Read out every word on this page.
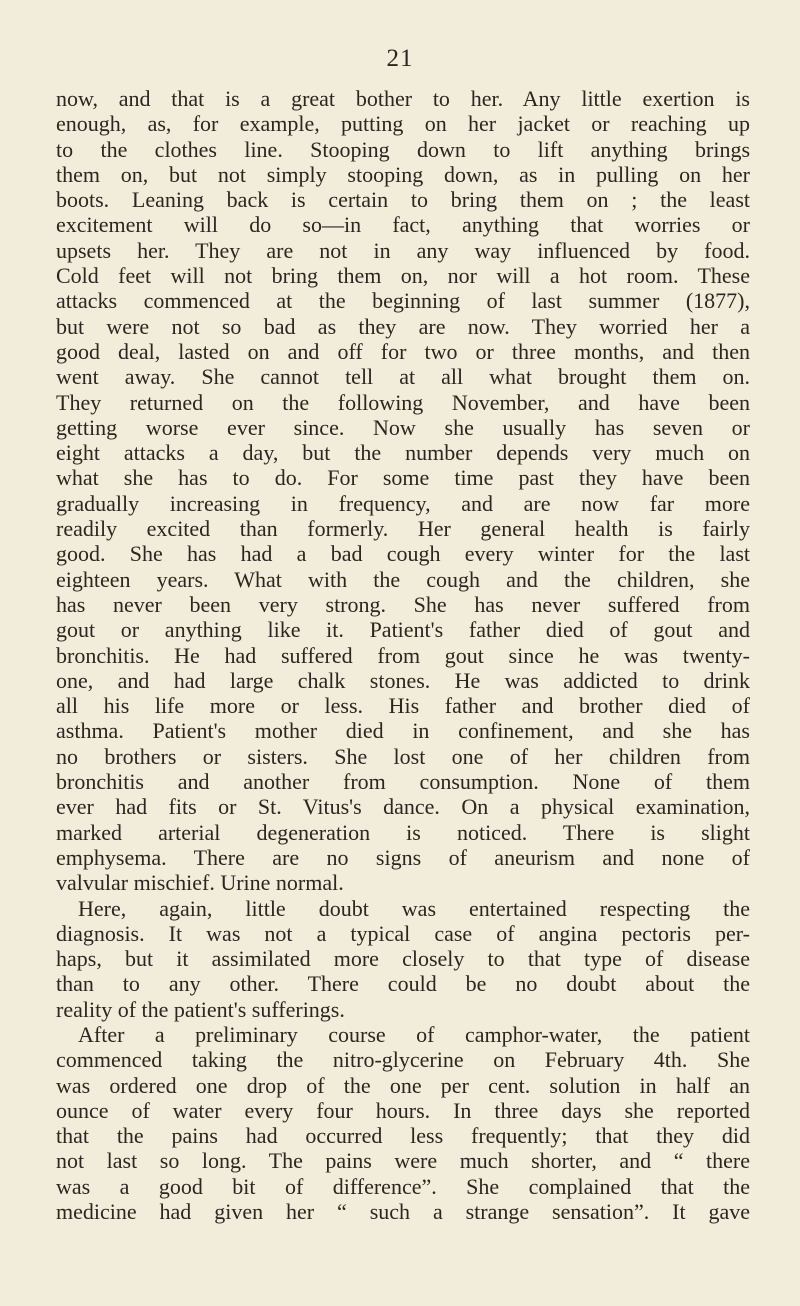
21
now, and that is a great bother to her. Any little exertion is
enough, as, for example, putting on her jacket or reaching up
to the clothes line. Stooping down to lift anything brings
them on, but not simply stooping down, as in pulling on her
boots. Leaning back is certain to bring them on ; the least
excitement will do so—in fact, anything that worries or
upsets her. They are not in any way influenced by food.
Cold feet will not bring them on, nor will a hot room. These
attacks commenced at the beginning of last summer (1877),
but were not so bad as they are now. They worried her a
good deal, lasted on and off for two or three months, and then
went away. She cannot tell at all what brought them on.
They returned on the following November, and have been
getting worse ever since. Now she usually has seven or
eight attacks a day, but the number depends very much on
what she has to do. For some time past they have been
gradually increasing in frequency, and are now far more
readily excited than formerly. Her general health is fairly
good. She has had a bad cough every winter for the last
eighteen years. What with the cough and the children, she
has never been very strong. She has never suffered from
gout or anything like it. Patient's father died of gout and
bronchitis. He had suffered from gout since he was twenty-
one, and had large chalk stones. He was addicted to drink
all his life more or less. His father and brother died of
asthma. Patient's mother died in confinement, and she has
no brothers or sisters. She lost one of her children from
bronchitis and another from consumption. None of them
ever had fits or St. Vitus's dance. On a physical examination,
marked arterial degeneration is noticed. There is slight
emphysema. There are no signs of aneurism and none of
valvular mischief. Urine normal.
Here, again, little doubt was entertained respecting the
diagnosis. It was not a typical case of angina pectoris per-
haps, but it assimilated more closely to that type of disease
than to any other. There could be no doubt about the
reality of the patient's sufferings.
After a preliminary course of camphor-water, the patient
commenced taking the nitro-glycerine on February 4th. She
was ordered one drop of the one per cent. solution in half an
ounce of water every four hours. In three days she reported
that the pains had occurred less frequently; that they did
not last so long. The pains were much shorter, and “ there
was a good bit of difference”. She complained that the
medicine had given her “ such a strange sensation”. It gave
